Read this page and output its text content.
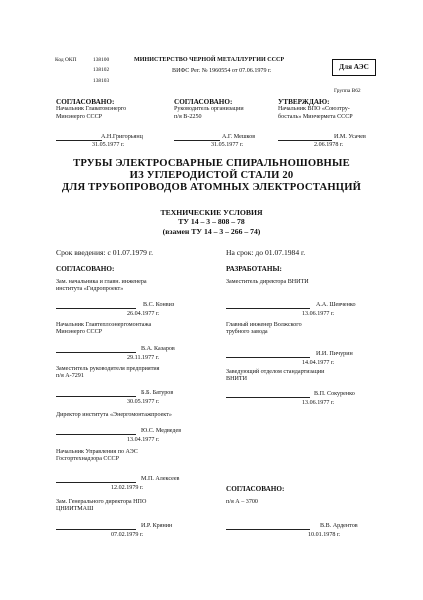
Код ОКП	138100
138102
138103
МИНИСТЕРСТВО ЧЕРНОЙ МЕТАЛЛУРГИИ СССР
ВИФС Рег. № 1960554 от 07.06.1979 г.	Для АЭС
Группа В62
СОГЛАСОВАНО:
Начальник Главатомэнерго
Минэнерго СССР
А.Н.Григорьянц
31.05.1977 г.
СОГЛАСОВАНО:
Руководитель организации
п/я В-2250
А.Г. Мешков
31.05.1977 г.
УТВЕРЖДАЮ:
Начальник ВПО «Союзтру-
босталь» Минчермета СССР
И.М. Усачев
2.06.1978 г.
ТРУБЫ ЭЛЕКТРОСВАРНЫЕ СПИРАЛЬНОШОВНЫЕ
ИЗ УГЛЕРОДИСТОЙ СТАЛИ 20
ДЛЯ ТРУБОПРОВОДОВ АТОМНЫХ ЭЛЕКТРОСТАНЦИЙ
ТЕХНИЧЕСКИЕ УСЛОВИЯ
ТУ 14 – 3 – 808 – 78
(взамен ТУ 14 – 3 – 266 – 74)
Срок введения: с 01.07.1979 г.	На срок: до 01.07.1984 г.
СОГЛАСОВАНО:
Зам. начальника и главн. инженера
института «Гидропроект»
В.С. Конвиз
26.04.1977 г.
Начальник Главтеплоэнергомонтажа
Минэнерго СССР
В.А. Казаров
29.11.1977 г.
Заместитель руководителя предприятия
п/я А-7291
Б.Б. Батуров
30.05.1977 г.
Директор института «Энергомонтажпроект»
Ю.С. Медведев
13.04.1977 г.
Начальник Управления по АЭС
Госгортехнадзора СССР
М.П. Алексеев
12.02.1979 г.
Зам. Генерального директора НПО
ЦНИИТМАШ
И.Р. Крянин
07.02.1979 г.
РАЗРАБОТАНЫ:
Заместитель директора ВНИТИ
А.А. Шевченко
13.06.1977 г.
Главный инженер Волжского
трубного завода
И.И. Пичурин
14.04.1977 г.
Заведующий отделом стандартизации
ВНИТИ
В.П. Сокуренко
13.06.1977 г.
СОГЛАСОВАНО:
п/я А – 3700
В.В. Ардентов
10.01.1978 г.
